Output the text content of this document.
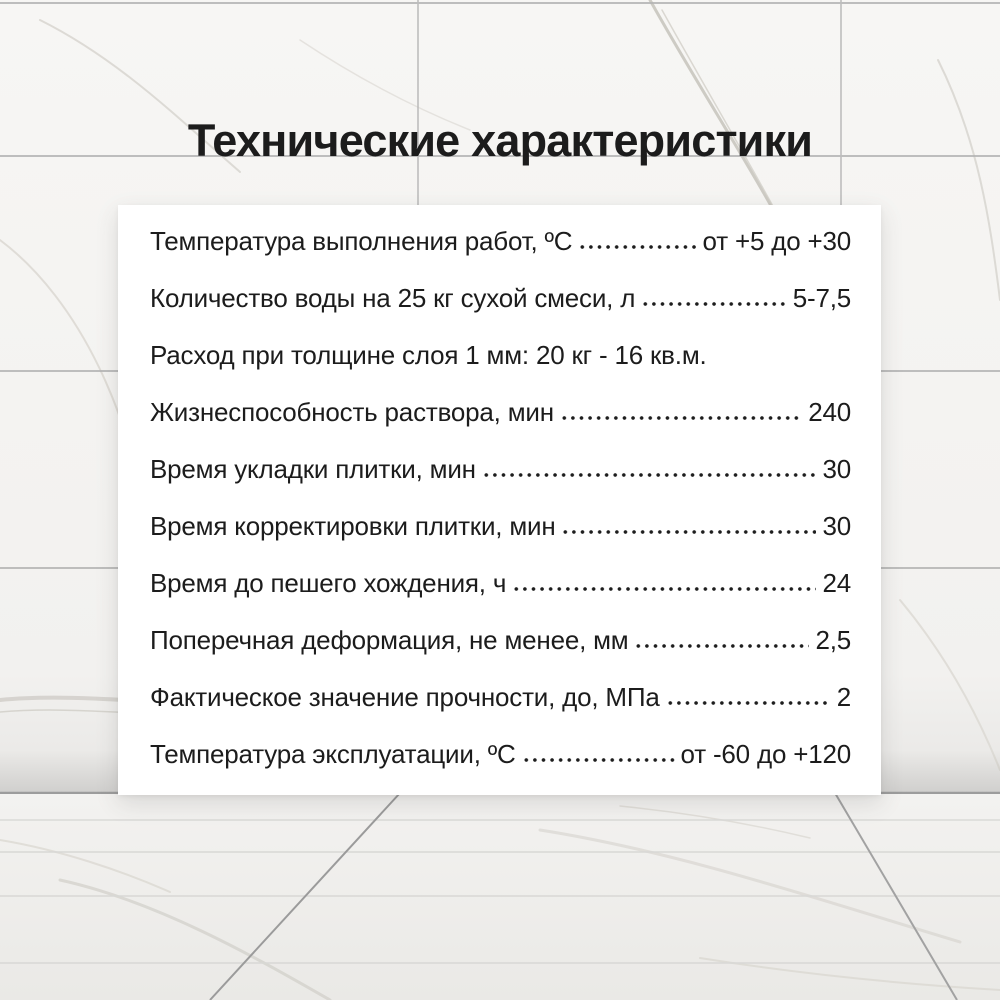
Технические характеристики
Температура выполнения работ, ºС	от +5 до +30
Количество воды на 25 кг сухой смеси, л	5-7,5
Расход при толщине слоя 1 мм: 20 кг - 16 кв.м.
Жизнеспособность раствора, мин	240
Время укладки плитки, мин	30
Время корректировки плитки, мин	30
Время до пешего хождения, ч	24
Поперечная деформация, не менее, мм	2,5
Фактическое значение прочности, до, МПа	2
Температура эксплуатации, ºС	от -60 до +120
